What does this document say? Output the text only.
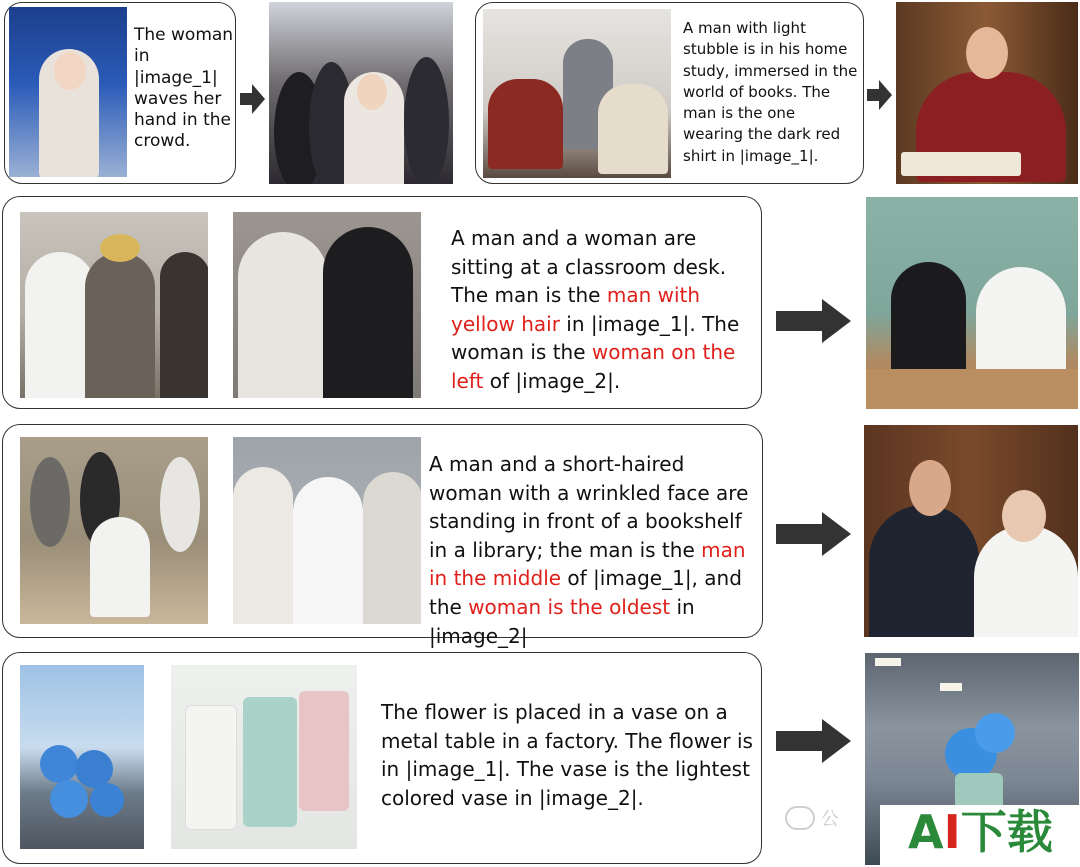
The woman in |image_1| waves her hand in the crowd.
A man with light stubble is in his home study, immersed in the world of books. The man is the one wearing the dark red shirt in |image_1|.
A man and a woman are sitting at a classroom desk. The man is the man with yellow hair in |image_1|. The woman is the woman on the left of |image_2|.
A man and a short-haired woman with a wrinkled face are standing in front of a bookshelf in a library; the man is the man in the middle of |image_1|, and the woman is the oldest in |image_2|
The flower is placed in a vase on a metal table in a factory. The flower is in |image_1|. The vase is the lightest colored vase in |image_2|.
公	AI下载
